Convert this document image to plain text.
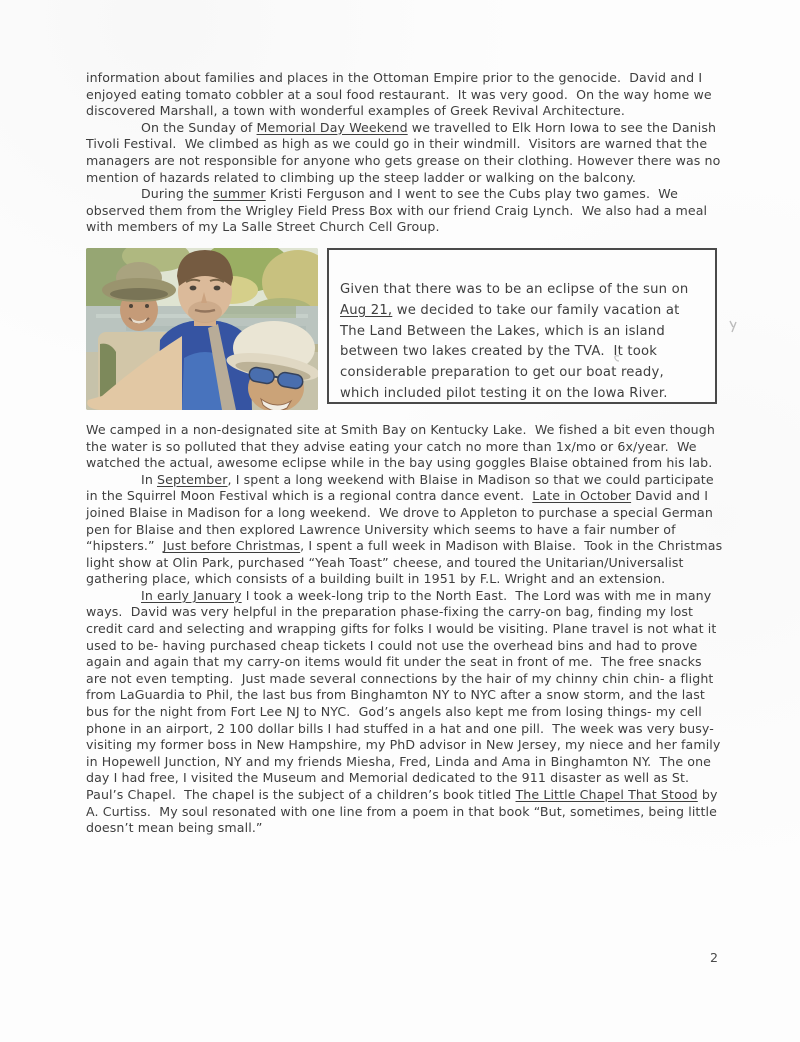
information about families and places in the Ottoman Empire prior to the genocide.  David and I enjoyed eating tomato cobbler at a soul food restaurant.  It was very good.  On the way home we discovered Marshall, a town with wonderful examples of Greek Revival Architecture.

On the Sunday of Memorial Day Weekend we travelled to Elk Horn Iowa to see the Danish Tivoli Festival.  We climbed as high as we could go in their windmill.  Visitors are warned that the managers are not responsible for anyone who gets grease on their clothing. However there was no mention of hazards related to climbing up the steep ladder or walking on the balcony.

During the summer Kristi Ferguson and I went to see the Cubs play two games.  We observed them from the Wrigley Field Press Box with our friend Craig Lynch.  We also had a meal with members of my La Salle Street Church Cell Group.

Given that there was to be an eclipse of the sun on Aug 21, we decided to take our family vacation at The Land Between the Lakes, which is an island between two lakes created by the TVA.  It took considerable preparation to get our boat ready, which included pilot testing it on the Iowa River.

We camped in a non-designated site at Smith Bay on Kentucky Lake.  We fished a bit even though the water is so polluted that they advise eating your catch no more than 1x/mo or 6x/year.  We watched the actual, awesome eclipse while in the bay using goggles Blaise obtained from his lab.

In September, I spent a long weekend with Blaise in Madison so that we could participate in the Squirrel Moon Festival which is a regional contra dance event.  Late in October David and I joined Blaise in Madison for a long weekend.  We drove to Appleton to purchase a special German pen for Blaise and then explored Lawrence University which seems to have a fair number of “hipsters.”  Just before Christmas, I spent a full week in Madison with Blaise.  Took in the Christmas light show at Olin Park, purchased “Yeah Toast” cheese, and toured the Unitarian/Universalist gathering place, which consists of a building built in 1951 by F.L. Wright and an extension.

In early January I took a week-long trip to the North East.  The Lord was with me in many ways.  David was very helpful in the preparation phase-fixing the carry-on bag, finding my lost credit card and selecting and wrapping gifts for folks I would be visiting. Plane travel is not what it used to be- having purchased cheap tickets I could not use the overhead bins and had to prove again and again that my carry-on items would fit under the seat in front of me.  The free snacks are not even tempting.  Just made several connections by the hair of my chinny chin chin- a flight from LaGuardia to Phil, the last bus from Binghamton NY to NYC after a snow storm, and the last bus for the night from Fort Lee NJ to NYC.  God’s angels also kept me from losing things- my cell phone in an airport, 2 100 dollar bills I had stuffed in a hat and one pill.  The week was very busy- visiting my former boss in New Hampshire, my PhD advisor in New Jersey, my niece and her family in Hopewell Junction, NY and my friends Miesha, Fred, Linda and Ama in Binghamton NY.  The one day I had free, I visited the Museum and Memorial dedicated to the 911 disaster as well as St. Paul’s Chapel.  The chapel is the subject of a children’s book titled The Little Chapel That Stood by A. Curtiss.  My soul resonated with one line from a poem in that book “But, sometimes, being little doesn’t mean being small.”

2
